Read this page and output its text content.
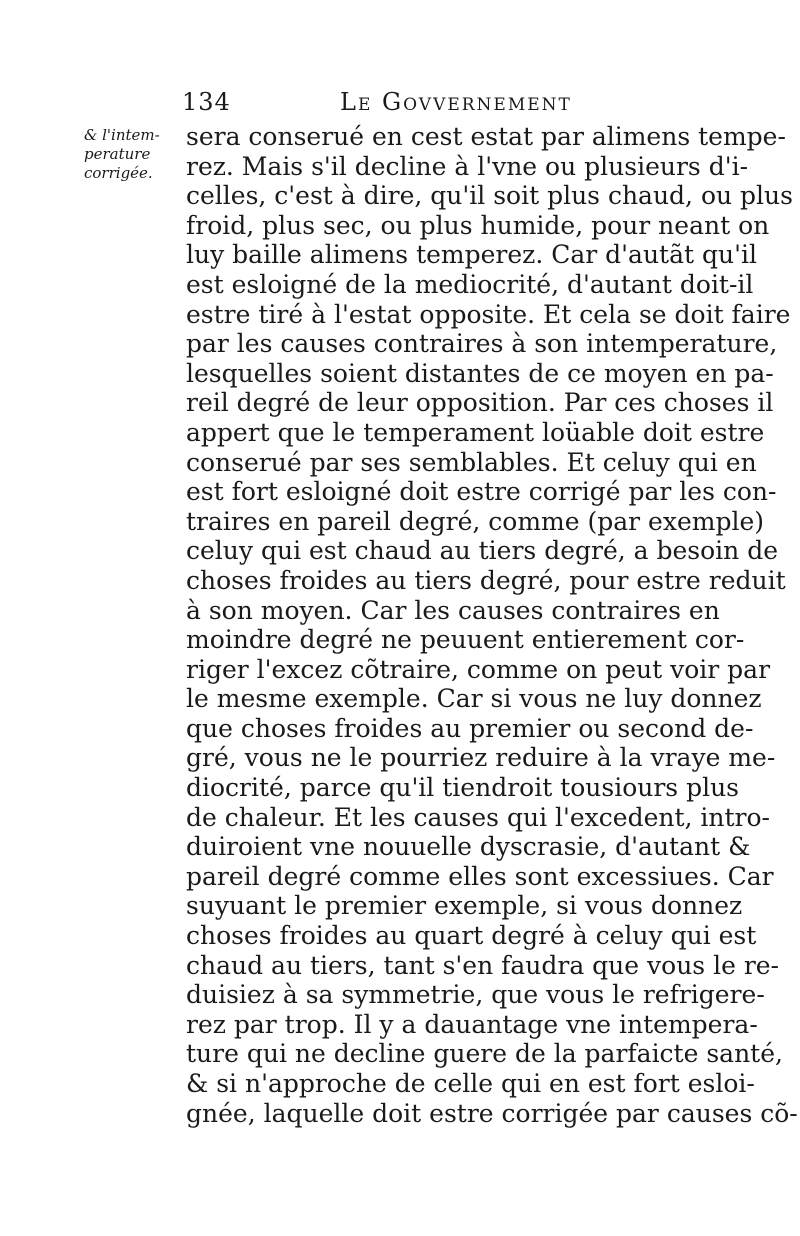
134	Le Govvernement
& l'intem-
perature
corrigée.
sera conserué en cest estat par alimens tempe-
rez. Mais s'il decline à l'vne ou plusieurs d'i-
celles, c'est à dire, qu'il soit plus chaud, ou plus
froid, plus sec, ou plus humide, pour neant on
luy baille alimens temperez. Car d'autãt qu'il
est esloigné de la mediocrité, d'autant doit-il
estre tiré à l'estat opposite. Et cela se doit faire
par les causes contraires à son intemperature,
lesquelles soient distantes de ce moyen en pa-
reil degré de leur opposition. Par ces choses il
appert que le temperament loüable doit estre
conserué par ses semblables. Et celuy qui en
est fort esloigné doit estre corrigé par les con-
traires en pareil degré, comme (par exemple)
celuy qui est chaud au tiers degré, a besoin de
choses froides au tiers degré, pour estre reduit
à son moyen. Car les causes contraires en
moindre degré ne peuuent entierement cor-
riger l'excez cõtraire, comme on peut voir par
le mesme exemple. Car si vous ne luy donnez
que choses froides au premier ou second de-
gré, vous ne le pourriez reduire à la vraye me-
diocrité, parce qu'il tiendroit tousiours plus
de chaleur. Et les causes qui l'excedent, intro-
duiroient vne nouuelle dyscrasie, d'autant &
pareil degré comme elles sont excessiues. Car
suyuant le premier exemple, si vous donnez
choses froides au quart degré à celuy qui est
chaud au tiers, tant s'en faudra que vous le re-
duisiez à sa symmetrie, que vous le refrigere-
rez par trop. Il y a dauantage vne intempera-
ture qui ne decline guere de la parfaicte santé,
& si n'approche de celle qui en est fort esloi-
gnée, laquelle doit estre corrigée par causes cõ-
